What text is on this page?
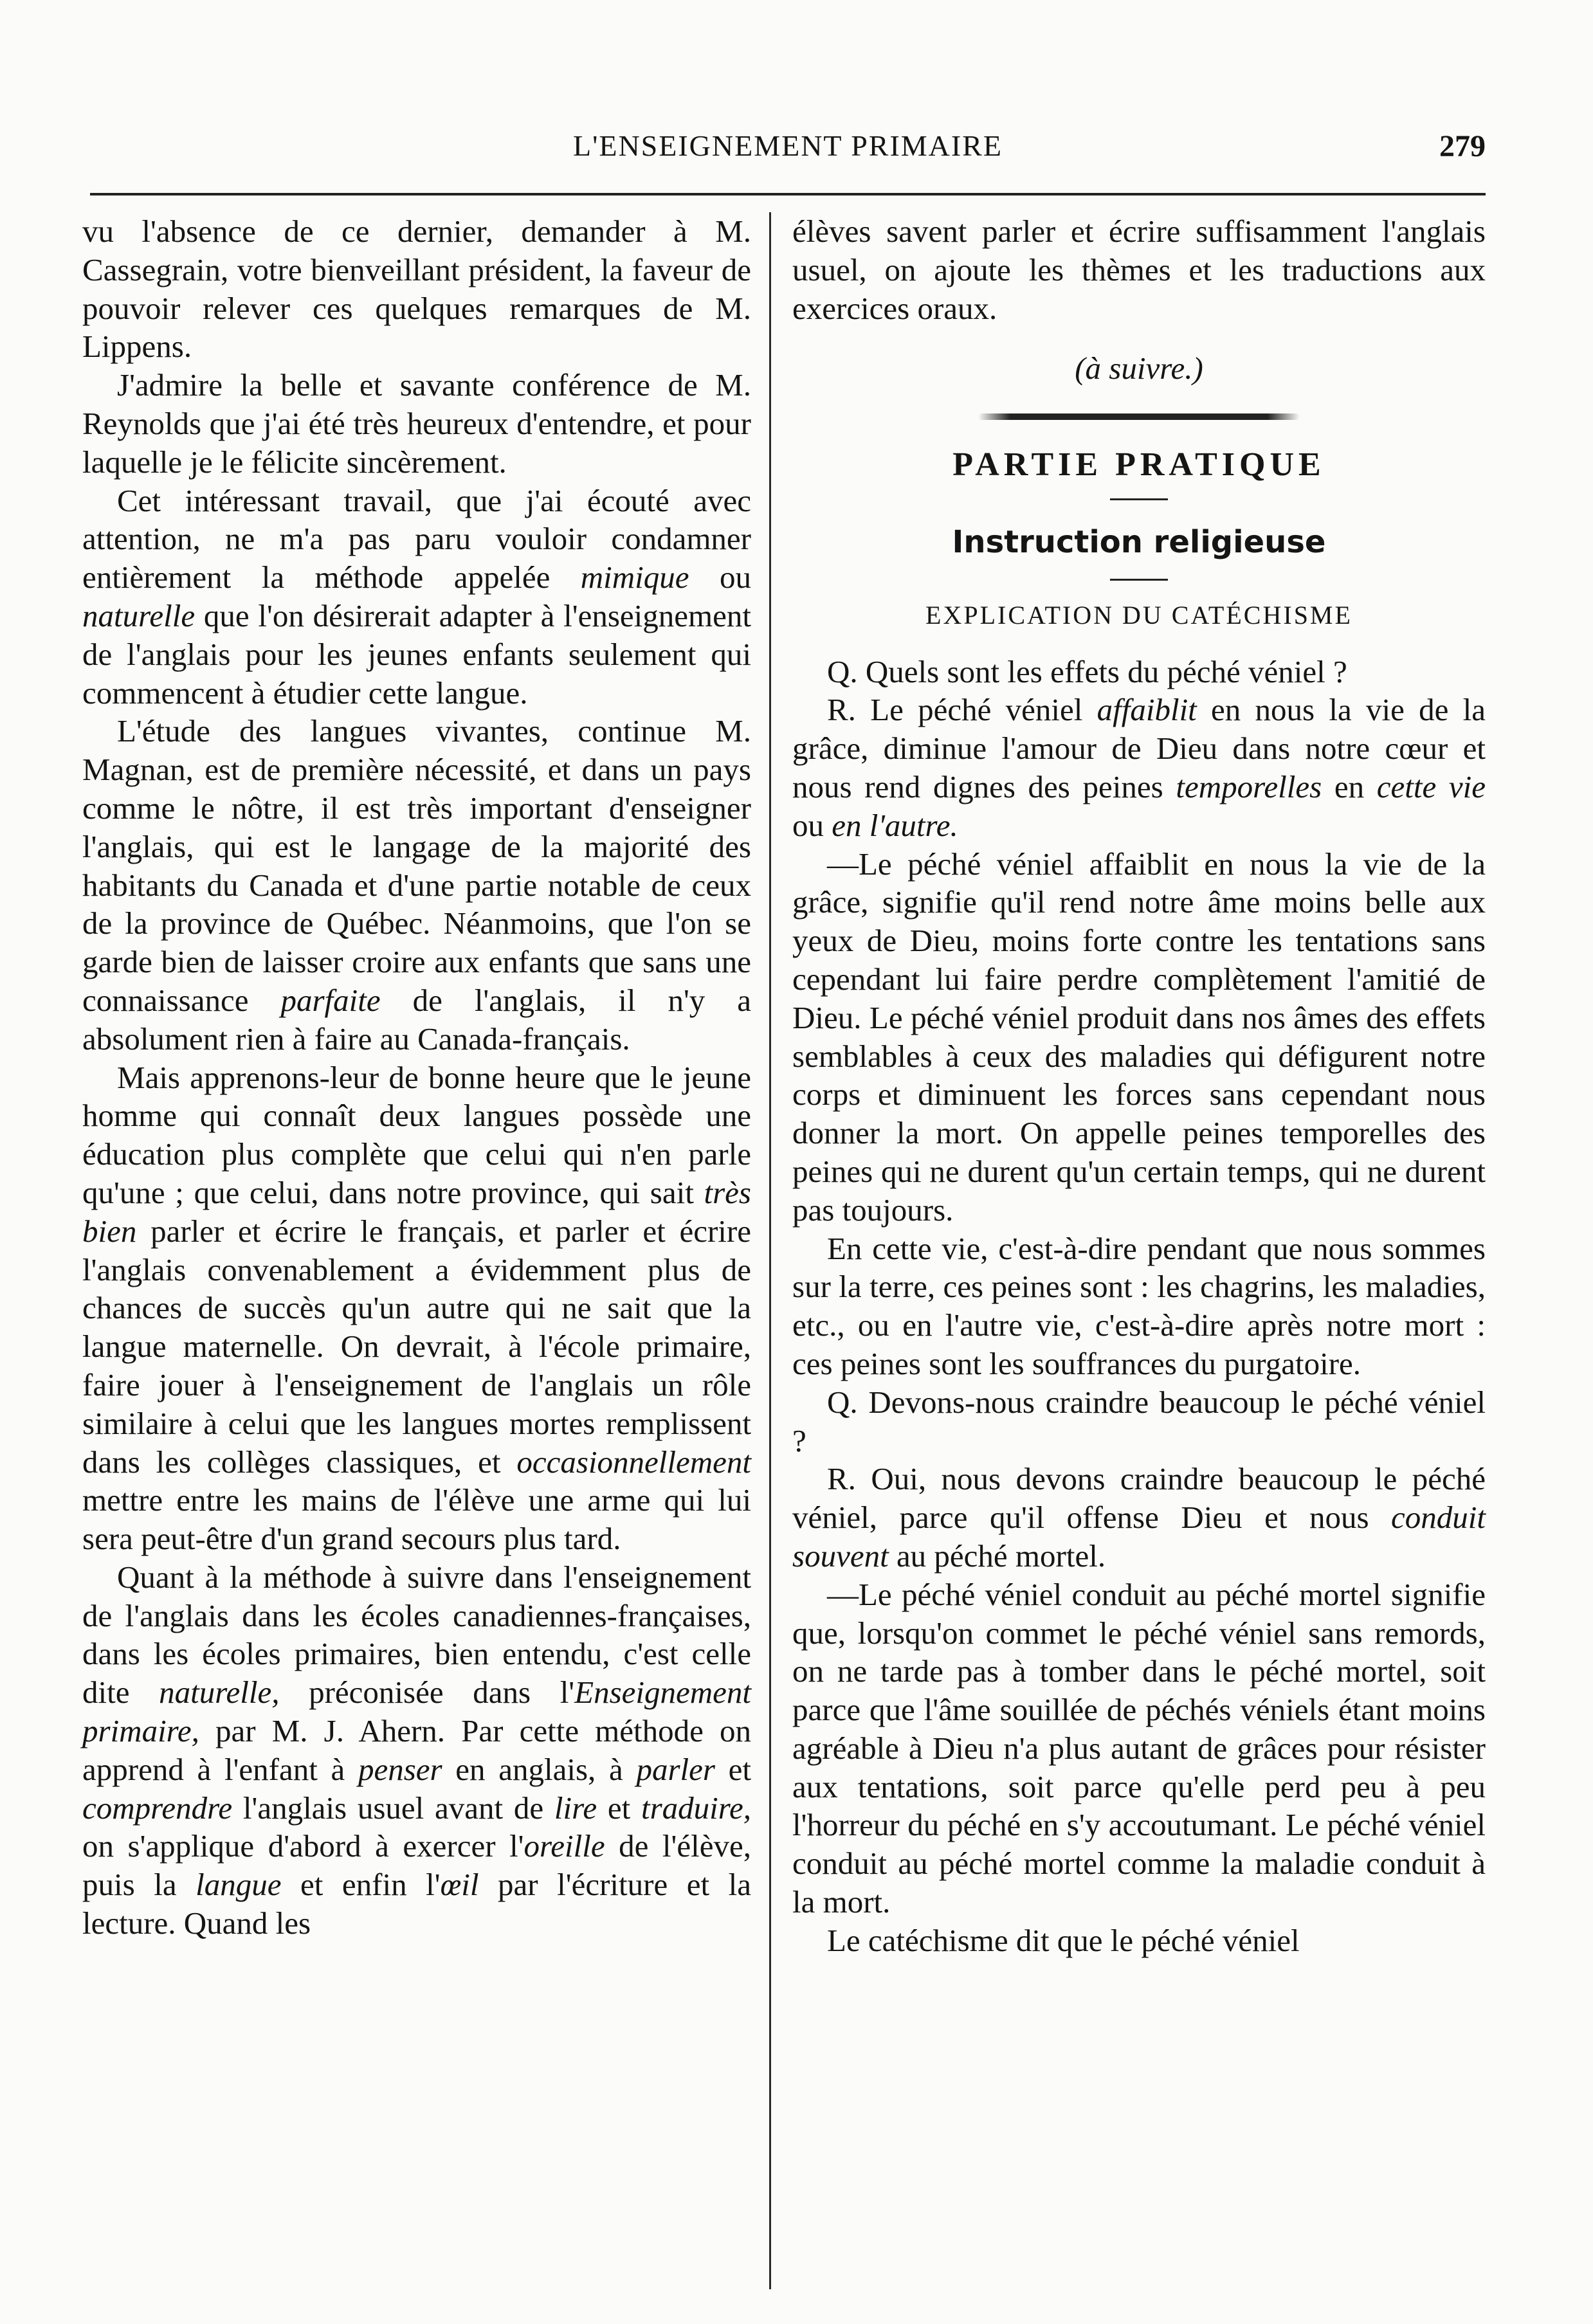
L'ENSEIGNEMENT PRIMAIRE	279

vu l'absence de ce dernier, demander à M. Cassegrain, votre bienveillant président, la faveur de pouvoir relever ces quelques remarques de M. Lippens.

J'admire la belle et savante conférence de M. Reynolds que j'ai été très heureux d'entendre, et pour laquelle je le félicite sincèrement.

Cet intéressant travail, que j'ai écouté avec attention, ne m'a pas paru vouloir condamner entièrement la méthode appelée mimique ou naturelle que l'on désirerait adapter à l'enseignement de l'anglais pour les jeunes enfants seulement qui commencent à étudier cette langue.

L'étude des langues vivantes, continue M. Magnan, est de première nécessité, et dans un pays comme le nôtre, il est très important d'enseigner l'anglais, qui est le langage de la majorité des habitants du Canada et d'une partie notable de ceux de la province de Québec. Néanmoins, que l'on se garde bien de laisser croire aux enfants que sans une connaissance parfaite de l'anglais, il n'y a absolument rien à faire au Canada-français.

Mais apprenons-leur de bonne heure que le jeune homme qui connaît deux langues possède une éducation plus complète que celui qui n'en parle qu'une ; que celui, dans notre province, qui sait très bien parler et écrire le français, et parler et écrire l'anglais convenablement a évidemment plus de chances de succès qu'un autre qui ne sait que la langue maternelle. On devrait, à l'école primaire, faire jouer à l'enseignement de l'anglais un rôle similaire à celui que les langues mortes remplissent dans les collèges classiques, et occasionnellement mettre entre les mains de l'élève une arme qui lui sera peut-être d'un grand secours plus tard.

Quant à la méthode à suivre dans l'enseignement de l'anglais dans les écoles canadiennes-françaises, dans les écoles primaires, bien entendu, c'est celle dite naturelle, préconisée dans l'Enseignement primaire, par M. J. Ahern. Par cette méthode on apprend à l'enfant à penser en anglais, à parler et comprendre l'anglais usuel avant de lire et traduire, on s'applique d'abord à exercer l'oreille de l'élève, puis la langue et enfin l'œil par l'écriture et la lecture. Quand les

élèves savent parler et écrire suffisamment l'anglais usuel, on ajoute les thèmes et les traductions aux exercices oraux.

(à suivre.)

PARTIE PRATIQUE
Instruction religieuse
EXPLICATION DU CATÉCHISME

Q. Quels sont les effets du péché véniel ?

R. Le péché véniel affaiblit en nous la vie de la grâce, diminue l'amour de Dieu dans notre cœur et nous rend dignes des peines temporelles en cette vie ou en l'autre.

—Le péché véniel affaiblit en nous la vie de la grâce, signifie qu'il rend notre âme moins belle aux yeux de Dieu, moins forte contre les tentations sans cependant lui faire perdre complètement l'amitié de Dieu. Le péché véniel produit dans nos âmes des effets semblables à ceux des maladies qui défigurent notre corps et diminuent les forces sans cependant nous donner la mort. On appelle peines temporelles des peines qui ne durent qu'un certain temps, qui ne durent pas toujours.

En cette vie, c'est-à-dire pendant que nous sommes sur la terre, ces peines sont : les chagrins, les maladies, etc., ou en l'autre vie, c'est-à-dire après notre mort : ces peines sont les souffrances du purgatoire.

Q. Devons-nous craindre beaucoup le péché véniel ?

R. Oui, nous devons craindre beaucoup le péché véniel, parce qu'il offense Dieu et nous conduit souvent au péché mortel.

—Le péché véniel conduit au péché mortel signifie que, lorsqu'on commet le péché véniel sans remords, on ne tarde pas à tomber dans le péché mortel, soit parce que l'âme souillée de péchés véniels étant moins agréable à Dieu n'a plus autant de grâces pour résister aux tentations, soit parce qu'elle perd peu à peu l'horreur du péché en s'y accoutumant. Le péché véniel conduit au péché mortel comme la maladie conduit à la mort.

Le catéchisme dit que le péché véniel
